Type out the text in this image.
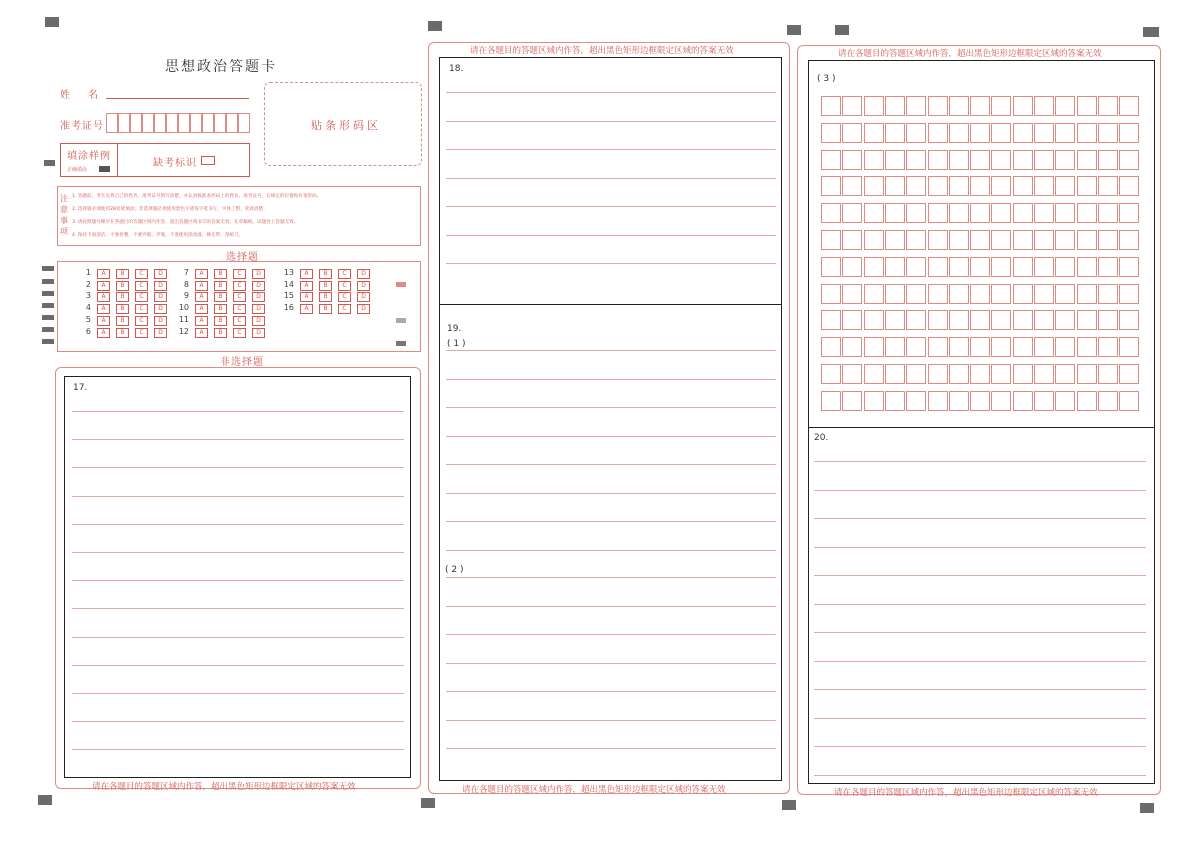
思想政治答题卡
姓　名
准考证号	贴条形码区
填涂样例
正确填涂
缺考标识
注意事项
1. 答题前，考生先将自己的姓名、准考证号填写清楚，并认真核准条形码上的姓名、准考证号，在规定的位置贴好条形码。
2. 选择题必须使用2B铅笔填涂；非选择题必须使用黑色字迹签字笔书写，字体工整、笔迹清楚。
3. 请按照题号顺序在各题目的答题区域内作答，超出答题区域书写的答案无效；在草稿纸、试题卷上答题无效。
4. 保持卡面清洁，不要折叠，不要弄破、弄皱，不准使用涂改液、修正带、刮纸刀。
选择题
1 A B C D
2 A B C D
3 A B C D
4 A B C D
5 A B C D
6 A B C D
7 A B C D
8 A B C D
9 A B C D
10 A B C D
11 A B C D
12 A B C D
13 A B C D
14 A B C D
15 A B C D
16 A B C D
非选择题
17.
请在各题目的答题区域内作答，超出黑色矩形边框限定区域的答案无效
请在各题目的答题区域内作答，超出黑色矩形边框限定区域的答案无效
18.
19.
( 1 )
( 2 )
请在各题目的答题区域内作答，超出黑色矩形边框限定区域的答案无效
请在各题目的答题区域内作答，超出黑色矩形边框限定区域的答案无效
( 3 )
20.
请在各题目的答题区域内作答，超出黑色矩形边框限定区域的答案无效
